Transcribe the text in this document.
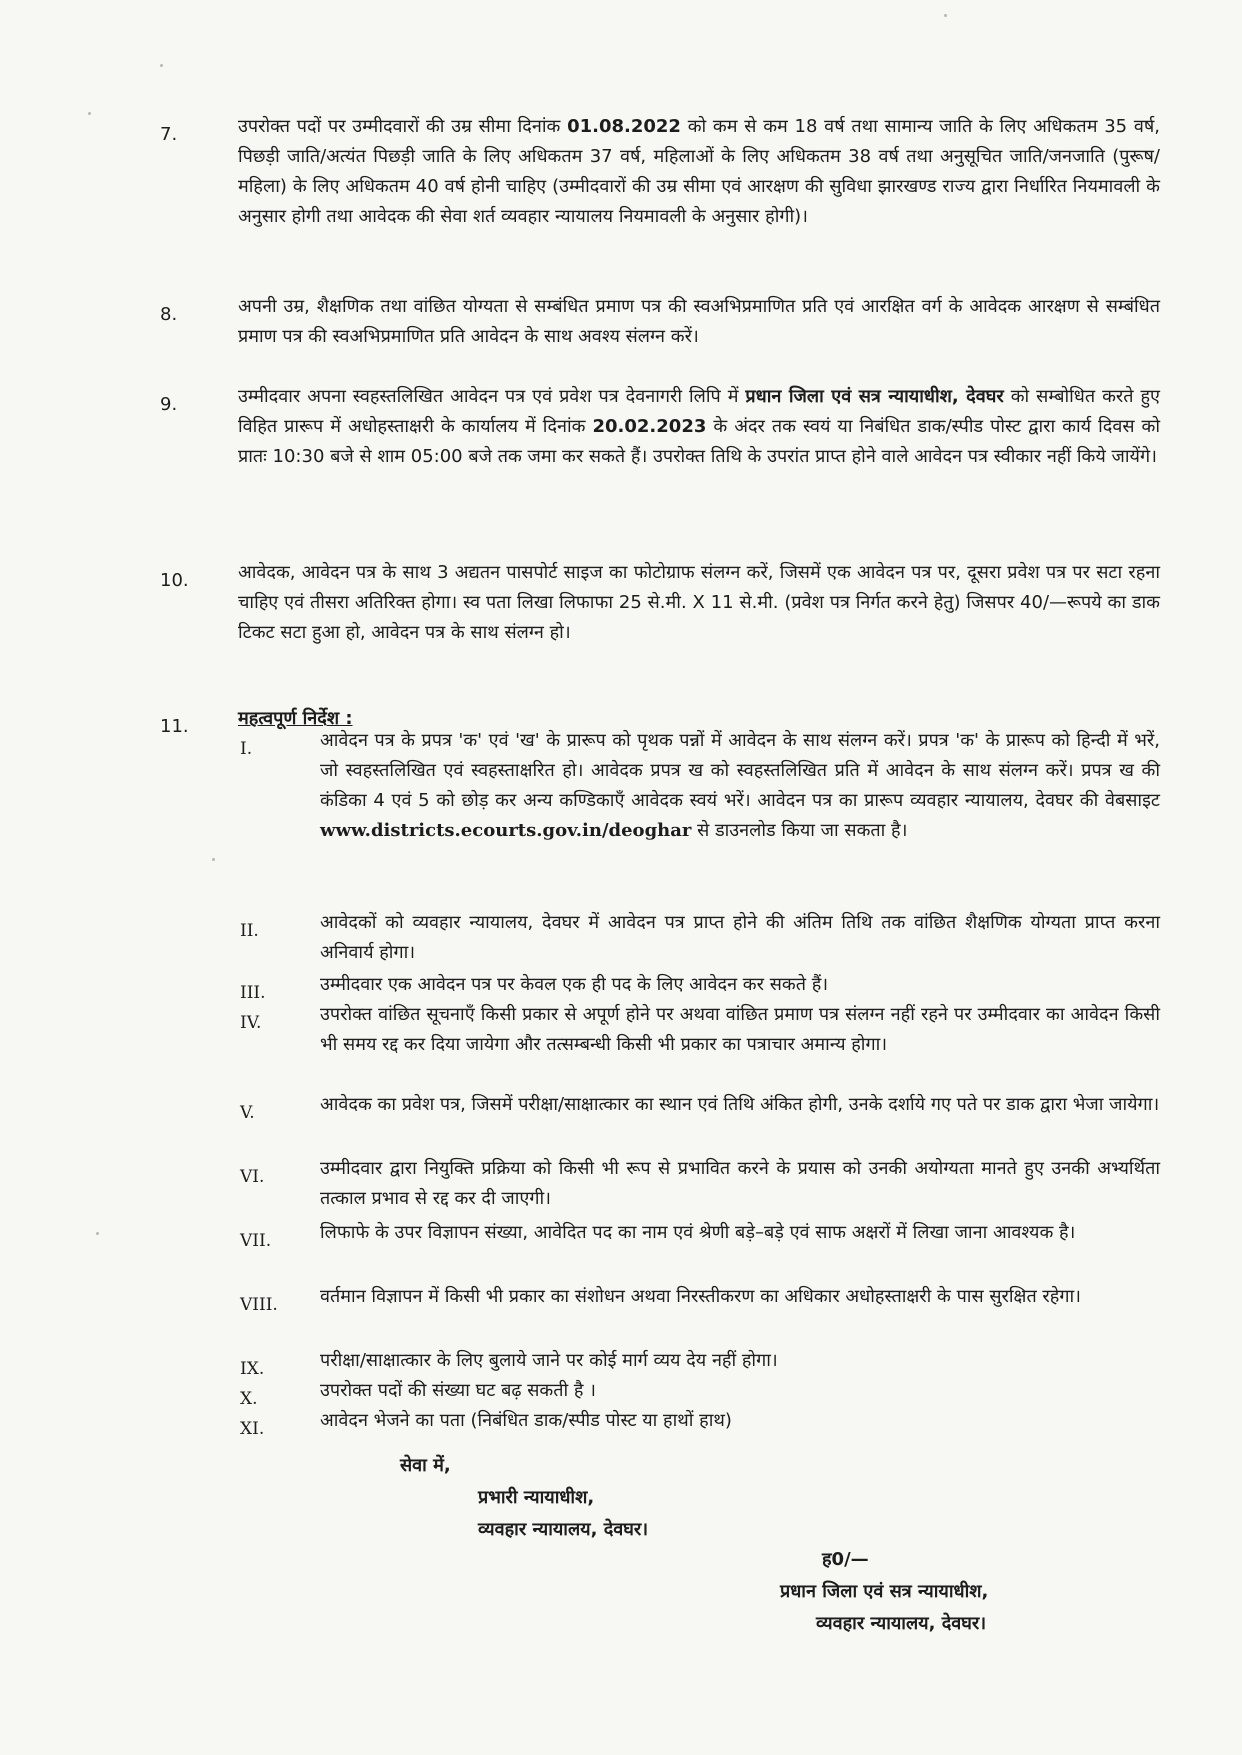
7.	उपरोक्त पदों पर उम्मीदवारों की उम्र सीमा दिनांक 01.08.2022 को कम से कम 18 वर्ष तथा सामान्य जाति के लिए अधिकतम 35 वर्ष, पिछड़ी जाति/अत्यंत पिछड़ी जाति के लिए अधिकतम 37 वर्ष, महिलाओं के लिए अधिकतम 38 वर्ष तथा अनुसूचित जाति/जनजाति (पुरूष/महिला) के लिए अधिकतम 40 वर्ष होनी चाहिए (उम्मीदवारों की उम्र सीमा एवं आरक्षण की सुविधा झारखण्ड राज्य द्वारा निर्धारित नियमावली के अनुसार होगी तथा आवेदक की सेवा शर्त व्यवहार न्यायालय नियमावली के अनुसार होगी)।
8.	अपनी उम्र, शैक्षणिक तथा वांछित योग्यता से सम्बंधित प्रमाण पत्र की स्वअभिप्रमाणित प्रति एवं आरक्षित वर्ग के आवेदक आरक्षण से सम्बंधित प्रमाण पत्र की स्वअभिप्रमाणित प्रति आवेदन के साथ अवश्य संलग्न करें।
9.	उम्मीदवार अपना स्वहस्तलिखित आवेदन पत्र एवं प्रवेश पत्र देवनागरी लिपि में प्रधान जिला एवं सत्र न्यायाधीश, देवघर को सम्बोधित करते हुए विहित प्रारूप में अधोहस्ताक्षरी के कार्यालय में दिनांक 20.02.2023 के अंदर तक स्वयं या निबंधित डाक/स्पीड पोस्ट द्वारा कार्य दिवस को प्रातः 10:30 बजे से शाम 05:00 बजे तक जमा कर सकते हैं। उपरोक्त तिथि के उपरांत प्राप्त होने वाले आवेदन पत्र स्वीकार नहीं किये जायेंगे।
10.	आवेदक, आवेदन पत्र के साथ 3 अद्यतन पासपोर्ट साइज का फोटोग्राफ संलग्न करें, जिसमें एक आवेदन पत्र पर, दूसरा प्रवेश पत्र पर सटा रहना चाहिए एवं तीसरा अतिरिक्त होगा। स्व पता लिखा लिफाफा 25 से.मी. X 11 से.मी. (प्रवेश पत्र निर्गत करने हेतु) जिसपर 40/—रूपये का डाक टिकट सटा हुआ हो, आवेदन पत्र के साथ संलग्न हो।
11.	महत्वपूर्ण निर्देश :
I.	आवेदन पत्र के प्रपत्र 'क' एवं 'ख' के प्रारूप को पृथक पन्नों में आवेदन के साथ संलग्न करें। प्रपत्र 'क' के प्रारूप को हिन्दी में भरें, जो स्वहस्तलिखित एवं स्वहस्ताक्षरित हो। आवेदक प्रपत्र ख को स्वहस्तलिखित प्रति में आवेदन के साथ संलग्न करें। प्रपत्र ख की कंडिका 4 एवं 5 को छोड़ कर अन्य कण्डिकाएँ आवेदक स्वयं भरें। आवेदन पत्र का प्रारूप व्यवहार न्यायालय, देवघर की वेबसाइट www.districts.ecourts.gov.in/deoghar से डाउनलोड किया जा सकता है।
II.	आवेदकों को व्यवहार न्यायालय, देवघर में आवेदन पत्र प्राप्त होने की अंतिम तिथि तक वांछित शैक्षणिक योग्यता प्राप्त करना अनिवार्य होगा।
III.	उम्मीदवार एक आवेदन पत्र पर केवल एक ही पद के लिए आवेदन कर सकते हैं।
IV.	उपरोक्त वांछित सूचनाएँ किसी प्रकार से अपूर्ण होने पर अथवा वांछित प्रमाण पत्र संलग्न नहीं रहने पर उम्मीदवार का आवेदन किसी भी समय रद्द कर दिया जायेगा और तत्सम्बन्धी किसी भी प्रकार का पत्राचार अमान्य होगा।
V.	आवेदक का प्रवेश पत्र, जिसमें परीक्षा/साक्षात्कार का स्थान एवं तिथि अंकित होगी, उनके दर्शाये गए पते पर डाक द्वारा भेजा जायेगा।
VI.	उम्मीदवार द्वारा नियुक्ति प्रक्रिया को किसी भी रूप से प्रभावित करने के प्रयास को उनकी अयोग्यता मानते हुए उनकी अभ्यर्थिता तत्काल प्रभाव से रद्द कर दी जाएगी।
VII.	लिफाफे के उपर विज्ञापन संख्या, आवेदित पद का नाम एवं श्रेणी बड़े–बड़े एवं साफ अक्षरों में लिखा जाना आवश्यक है।
VIII.	वर्तमान विज्ञापन में किसी भी प्रकार का संशोधन अथवा निरस्तीकरण का अधिकार अधोहस्ताक्षरी के पास सुरक्षित रहेगा।
IX.	परीक्षा/साक्षात्कार के लिए बुलाये जाने पर कोई मार्ग व्यय देय नहीं होगा।
X.	उपरोक्त पदों की संख्या घट बढ़ सकती है ।
XI.	आवेदन भेजने का पता (निबंधित डाक/स्पीड पोस्ट या हाथों हाथ)
सेवा में,
प्रभारी न्यायाधीश,
व्यवहार न्यायालय, देवघर।
ह0/—
प्रधान जिला एवं सत्र न्यायाधीश,
व्यवहार न्यायालय, देवघर।
